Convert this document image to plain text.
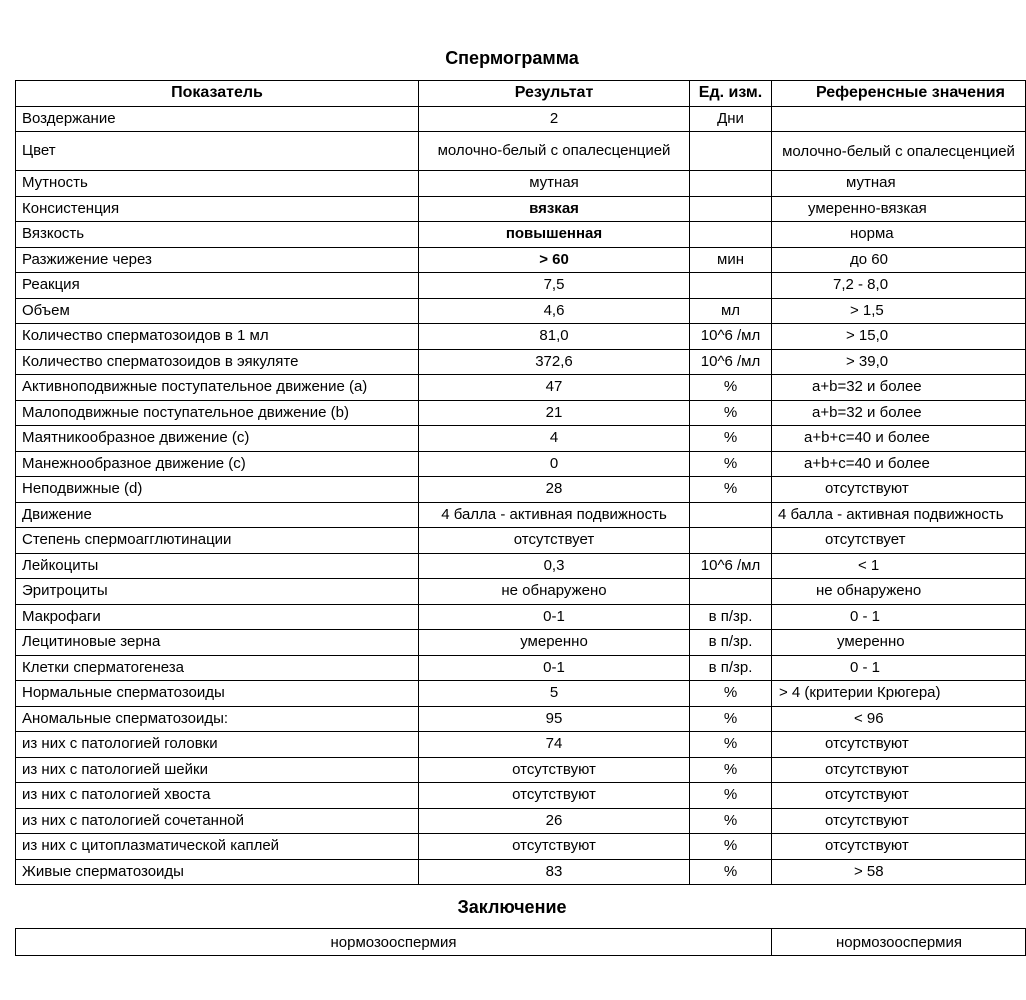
Спермограмма
Показатель	Результат	Ед. изм.	Референсные значения
Воздержание	2	Дни	
Цвет	молочно-белый с опалесценцией		молочно-белый с опалесценцией
Мутность	мутная		мутная
Консистенция	вязкая		умеренно-вязкая
Вязкость	повышенная		норма
Разжижение через	> 60	мин	до 60
Реакция	7,5		7,2 - 8,0
Объем	4,6	мл	> 1,5
Количество сперматозоидов в 1 мл	81,0	10^6 /мл	> 15,0
Количество сперматозоидов в эякуляте	372,6	10^6 /мл	> 39,0
Активноподвижные поступательное движение (a)	47	%	a+b=32 и более
Малоподвижные поступательное движение (b)	21	%	a+b=32 и более
Маятникообразное движение (c)	4	%	a+b+c=40 и более
Манежнообразное движение (c)	0	%	a+b+c=40 и более
Неподвижные (d)	28	%	отсутствуют
Движение	4 балла - активная подвижность		4 балла - активная подвижность
Степень спермоагглютинации	отсутствует		отсутствует
Лейкоциты	0,3	10^6 /мл	< 1
Эритроциты	не обнаружено		не обнаружено
Макрофаги	0-1	в п/зр.	0 - 1
Лецитиновые зерна	умеренно	в п/зр.	умеренно
Клетки сперматогенеза	0-1	в п/зр.	0 - 1
Нормальные сперматозоиды	5	%	> 4 (критерии Крюгера)
Аномальные сперматозоиды:	95	%	< 96
из них с патологией головки	74	%	отсутствуют
из них с патологией шейки	отсутствуют	%	отсутствуют
из них с патологией хвоста	отсутствуют	%	отсутствуют
из них с патологией сочетанной	26	%	отсутствуют
из них с цитоплазматической каплей	отсутствуют	%	отсутствуют
Живые сперматозоиды	83	%	> 58
Заключение
нормозооспермия	нормозооспермия
